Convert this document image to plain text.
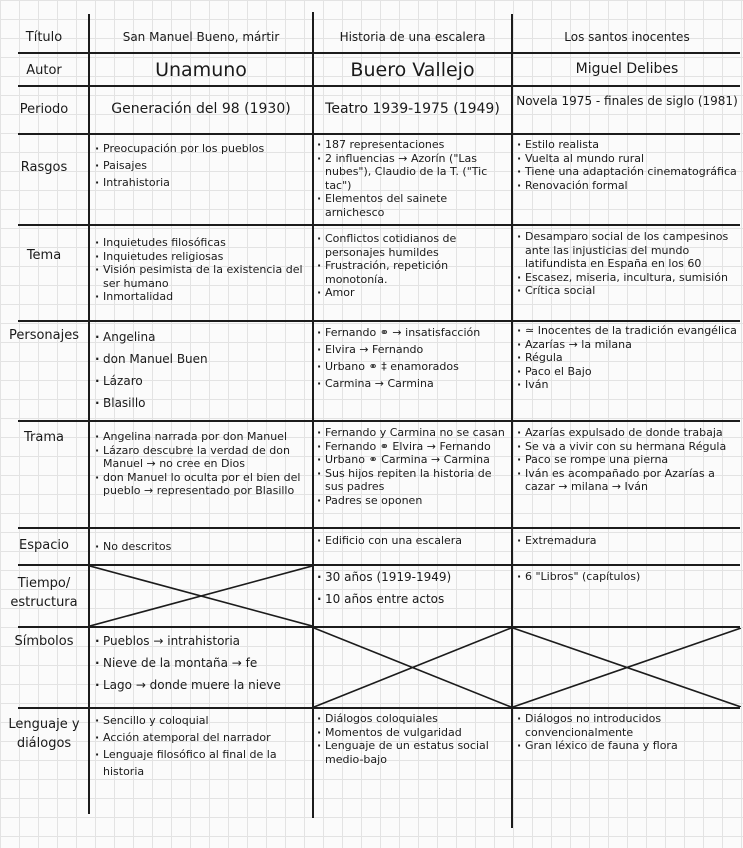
Título
Autor
Periodo
Rasgos
Tema
Personajes
Trama
Espacio
Tiempo/ estructura
Símbolos
Lenguaje y diálogos
San Manuel Bueno, mártir
Unamuno
Generación del 98 (1930)
· Preocupación por los pueblos
· Paisajes
· Intrahistoria
· Inquietudes filosóficas
· Inquietudes religiosas
· Visión pesimista de la existencia del ser humano
· Inmortalidad
· Angelina
· don Manuel Buen
· Lázaro
· Blasillo
· Angelina narrada por don Manuel
· Lázaro descubre la verdad de don Manuel → no cree en Dios
· don Manuel lo oculta por el bien del pueblo → representado por Blasillo
· No descritos
· Pueblos → intrahistoria
· Nieve de la montaña → fe
· Lago → donde muere la nieve
· Sencillo y coloquial
· Acción atemporal del narrador
· Lenguaje filosófico al final de la historia
Historia de una escalera
Buero Vallejo
Teatro 1939-1975 (1949)
· 187 representaciones
· 2 influencias → Azorín ("Las nubes"), Claudio de la T. ("Tic tac")
· Elementos del sainete arnichesco
· Conflictos cotidianos de personajes humildes
· Frustración, repetición monotonía.
· Amor
· Fernando ⚭ → insatisfacción
· Elvira → Fernando
· Urbano ⚭ ‡ enamorados
· Carmina → Carmina
· Fernando y Carmina no se casan
· Fernando ⚭ Elvira → Fernando
· Urbano ⚭ Carmina → Carmina
· Sus hijos repiten la historia de sus padres
· Padres se oponen
· Edificio con una escalera
· 30 años (1919-1949)
· 10 años entre actos
· Diálogos coloquiales
· Momentos de vulgaridad
· Lenguaje de un estatus social medio-bajo
Los santos inocentes
Miguel Delibes
Novela 1975 - finales de siglo (1981)
· Estilo realista
· Vuelta al mundo rural
· Tiene una adaptación cinematográfica
· Renovación formal
· Desamparo social de los campesinos ante las injusticias del mundo latifundista en España en los 60
· Escasez, miseria, incultura, sumisión
· Crítica social
· ≃ Inocentes de la tradición evangélica
· Azarías → la milana
· Régula
· Paco el Bajo
· Iván
· Azarías expulsado de donde trabaja
· Se va a vivir con su hermana Régula
· Paco se rompe una pierna
· Iván es acompañado por Azarías a cazar → milana → Iván
· Extremadura
· 6 "Libros" (capítulos)
· Diálogos no introducidos convencionalmente
· Gran léxico de fauna y flora
